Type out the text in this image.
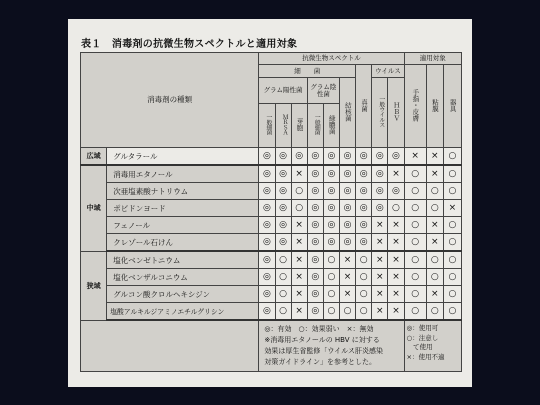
表１　消毒剤の抗微生物スペクトルと適用対象
消毒剤の種類		抗微生物スペクトル									適用対象		
		細　　菌						真菌	ウイルス		手指・皮膚	粘膜	器具
		グラム陽性菌			グラム陰性菌		結核菌		一般ウイルス	ＨＢＶ			
		一般細菌	ＭＲＳＡ	芽胞	一般細菌	緑膿菌							

広域	グルタラール	◎	◎	◎	◎	◎	◎	◎	◎	◎	×	×	○
中域	消毒用エタノール	◎	◎	×	◎	◎	◎	◎	◎	×	○	×	○
	次亜塩素酸ナトリウム	◎	◎	○	◎	◎	◎	◎	◎	◎	○	○	○
	ポビドンヨード	◎	◎	○	◎	◎	◎	◎	◎	○	○	○	×
	フェノール	◎	◎	×	◎	◎	◎	◎	×	×	○	×	○
	クレゾール石けん	◎	◎	×	◎	◎	◎	◎	×	×	○	×	○
狭域	塩化ベンゼトニウム	◎	○	×	◎	○	×	○	×	×	○	○	○
	塩化ベンザルコニウム	◎	○	×	◎	○	×	○	×	×	○	○	○
	グルコン酸クロルヘキシジン	◎	○	×	◎	○	×	○	×	×	○	×	○
	塩酸アルキルジアミノエチルグリシン	◎	○	×	◎	○	○	○	×	×	○	○	○

		◎：有効　○：効果弱い　×：無効
※消毒用エタノールの HBV に対する
効果は厚生省監修「ウイルス肝炎感染
対策ガイドライン」を参考とした。									◎：使用可
○：注意し
　て使用
×：使用不適		
